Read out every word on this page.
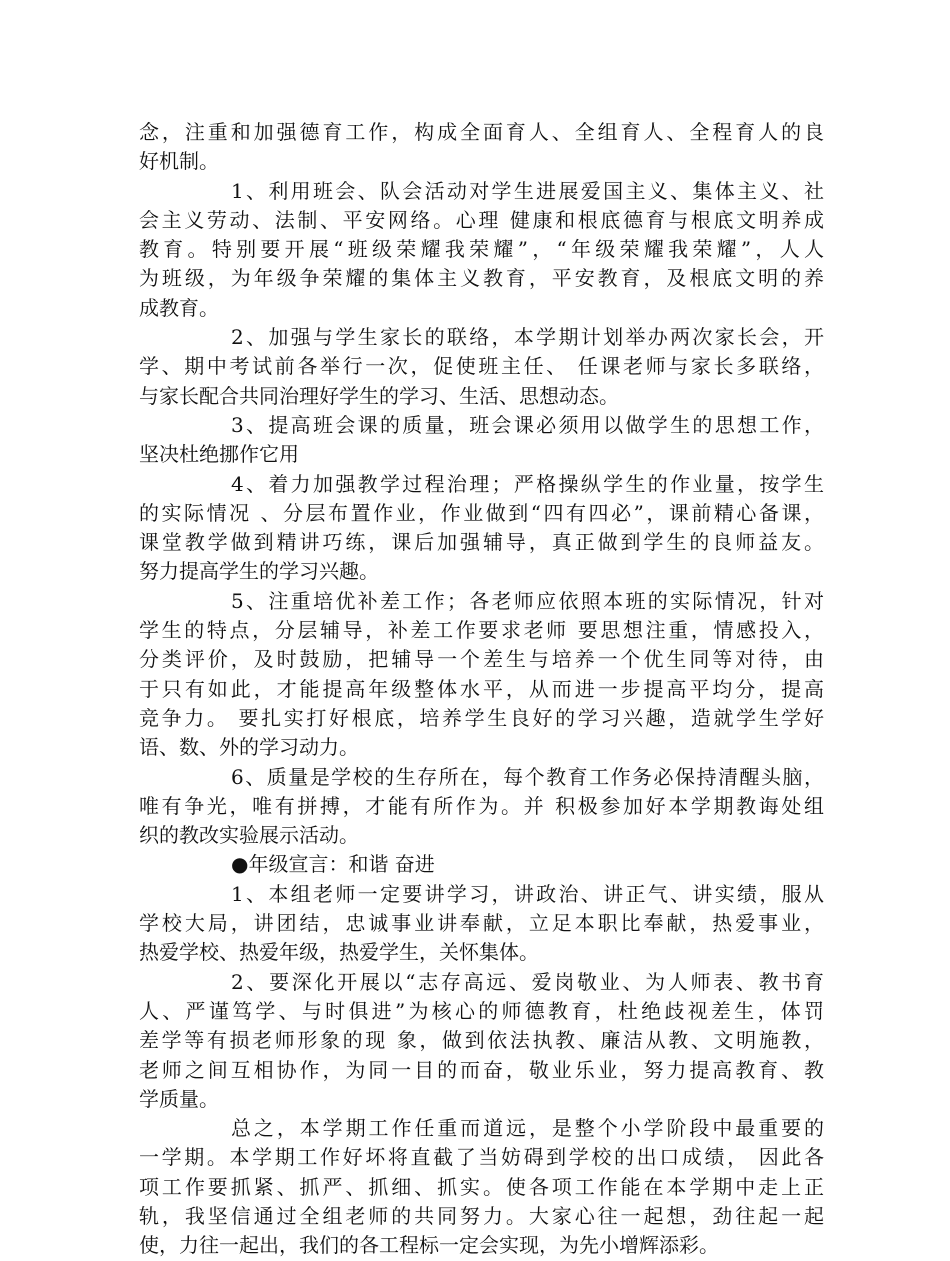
念，注重和加强德育工作，构成全面育人、全组育人、全程育人的良
好机制。
1、利用班会、队会活动对学生进展爱国主义、集体主义、社
会主义劳动、法制、平安网络。心理 健康和根底德育与根底文明养成
教育。特别要开展“班级荣耀我荣耀”，“年级荣耀我荣耀”，人人
为班级，为年级争荣耀的集体主义教育，平安教育，及根底文明的养
成教育。
2、加强与学生家长的联络，本学期计划举办两次家长会，开
学、期中考试前各举行一次，促使班主任、 任课老师与家长多联络，
与家长配合共同治理好学生的学习、生活、思想动态。
3、提高班会课的质量，班会课必须用以做学生的思想工作，
坚决杜绝挪作它用
4、着力加强教学过程治理；严格操纵学生的作业量，按学生
的实际情况 、分层布置作业，作业做到“四有四必”，课前精心备课，
课堂教学做到精讲巧练，课后加强辅导，真正做到学生的良师益友。
努力提高学生的学习兴趣。
5、注重培优补差工作；各老师应依照本班的实际情况，针对
学生的特点，分层辅导，补差工作要求老师 要思想注重，情感投入，
分类评价，及时鼓励，把辅导一个差生与培养一个优生同等对待，由
于只有如此，才能提高年级整体水平，从而进一步提高平均分，提高
竞争力。 要扎实打好根底，培养学生良好的学习兴趣，造就学生学好
语、数、外的学习动力。
6、质量是学校的生存所在，每个教育工作务必保持清醒头脑，
唯有争光，唯有拼搏，才能有所作为。并 积极参加好本学期教诲处组
织的教改实验展示活动。
●年级宣言：和谐 奋进
1、本组老师一定要讲学习，讲政治、讲正气、讲实绩，服从
学校大局，讲团结，忠诚事业讲奉献，立足本职比奉献，热爱事业，
热爱学校、热爱年级，热爱学生，关怀集体。
2、要深化开展以“志存高远、爱岗敬业、为人师表、教书育
人、严谨笃学、与时俱进”为核心的师德教育，杜绝歧视差生，体罚
差学等有损老师形象的现 象，做到依法执教、廉洁从教、文明施教，
老师之间互相协作，为同一目的而奋，敬业乐业，努力提高教育、教
学质量。
总之，本学期工作任重而道远，是整个小学阶段中最重要的
一学期。本学期工作好坏将直截了当妨碍到学校的出口成绩， 因此各
项工作要抓紧、抓严、抓细、抓实。使各项工作能在本学期中走上正
轨，我坚信通过全组老师的共同努力。大家心往一起想，劲往起一起
使，力往一起出，我们的各工程标一定会实现，为先小增辉添彩。
